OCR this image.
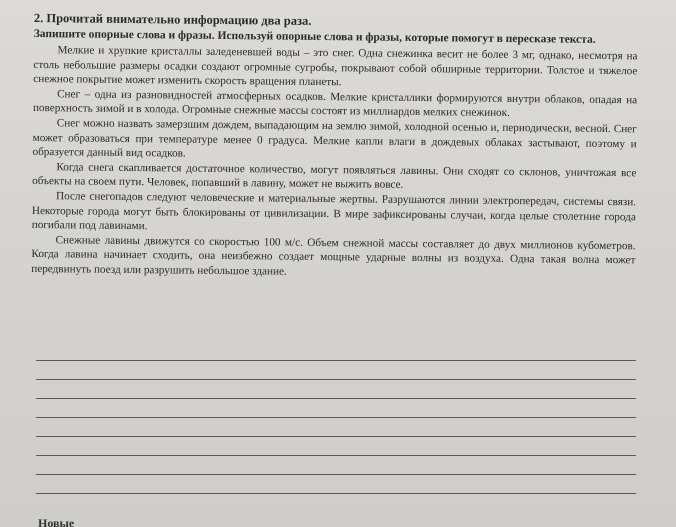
2. Прочитай внимательно информацию два раза.

Запишите опорные слова и фразы. Используй опорные слова и фразы, которые помогут в пересказе текста.

Мелкие и хрупкие кристаллы заледеневшей воды – это снег. Одна снежинка весит не более 3 мг, однако, несмотря на столь небольшие размеры осадки создают огромные сугробы, покрывают собой обширные территории. Толстое и тяжелое снежное покрытие может изменить скорость вращения планеты.

Снег – одна из разновидностей атмосферных осадков. Мелкие кристаллики формируются внутри облаков, опадая на поверхность зимой и в холода. Огромные снежные массы состоят из миллиардов мелких снежинок.

Снег можно назвать замерзшим дождем, выпадающим на землю зимой, холодной осенью и, периодически, весной. Снег может образоваться при температуре менее 0 градуса. Мелкие капли влаги в дождевых облаках застывают, поэтому и образуется данный вид осадков.

Когда снега скапливается достаточное количество, могут появляться лавины. Они сходят со склонов, уничтожая все объекты на своем пути. Человек, попавший в лавину, может не выжить вовсе.

После снегопадов следуют человеческие и материальные жертвы. Разрушаются линии электропередач, системы связи. Некоторые города могут быть блокированы от цивилизации. В мире зафиксированы случаи, когда целые столетние города погибали под лавинами.

Снежные лавины движутся со скоростью 100 м/с. Объем снежной массы составляет до двух миллионов кубометров. Когда лавина начинает сходить, она неизбежно создает мощные ударные волны из воздуха. Одна такая волна может передвинуть поезд или разрушить небольшое здание.

Новые
